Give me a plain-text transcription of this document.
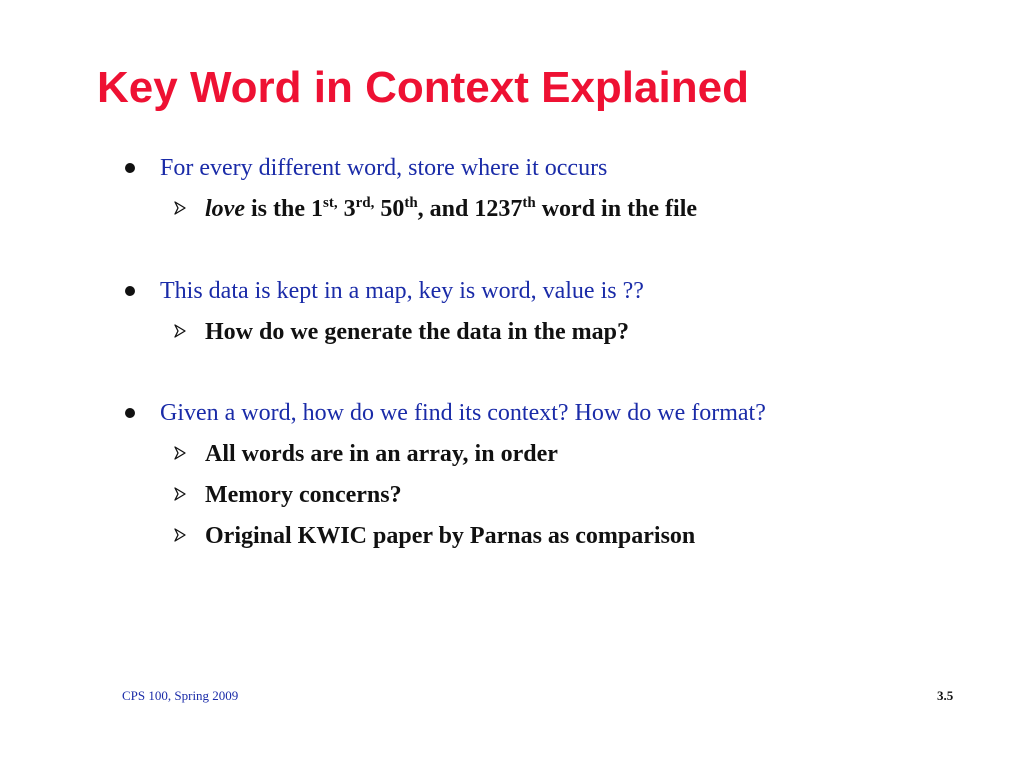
Key Word in Context Explained
For every different word, store where it occurs
love is the $1^{st,}$ $3^{rd,}$ 50th, and 1237th word in the file
This data is kept in a map, key is word, value is ??
How do we generate the data in the map?
Given a word, how do we find its context? How do we format?
All words are in an array, in order
Memory concerns?
Original KWIC paper by Parnas as comparison
CPS 100, Spring 2009	3.5
